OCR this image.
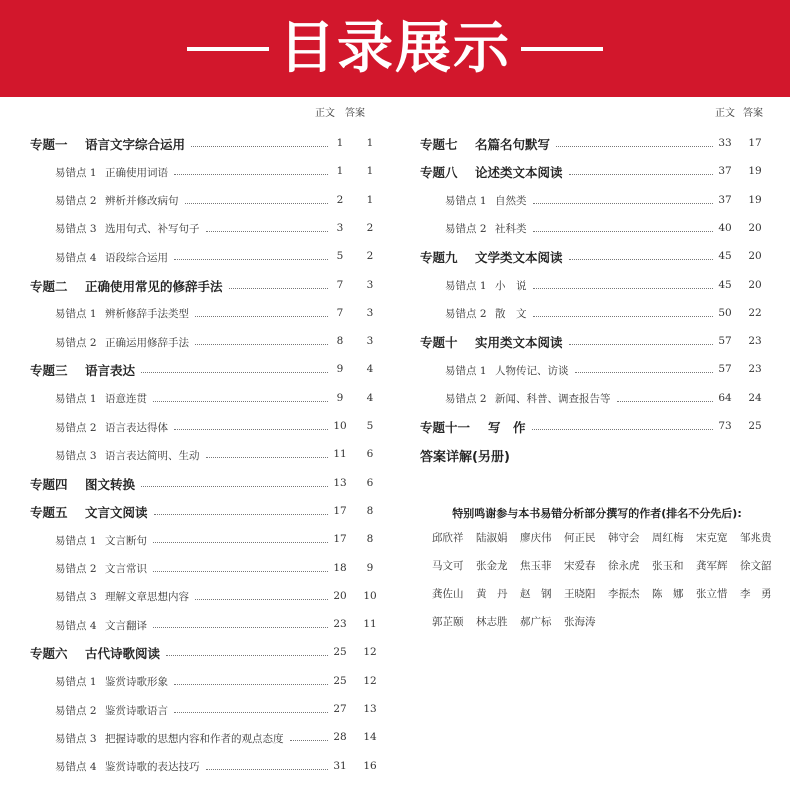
目录展示
正文 答案
专题一	语言文字综合运用	1	1
易错点 1 正确使用词语	1	1
易错点 2 辨析并修改病句	2	1
易错点 3 选用句式、补写句子	3	2
易错点 4 语段综合运用	5	2
专题二	正确使用常见的修辞手法	7	3
易错点 1 辨析修辞手法类型	7	3
易错点 2 正确运用修辞手法	8	3
专题三	语言表达	9	4
易错点 1 语意连贯	9	4
易错点 2 语言表达得体	10	5
易错点 3 语言表达简明、生动	11	6
专题四	图文转换	13	6
专题五	文言文阅读	17	8
易错点 1 文言断句	17	8
易错点 2 文言常识	18	9
易错点 3 理解文章思想内容	20	10
易错点 4 文言翻译	23	11
专题六	古代诗歌阅读	25	12
易错点 1 鉴赏诗歌形象	25	12
易错点 2 鉴赏诗歌语言	27	13
易错点 3 把握诗歌的思想内容和作者的观点态度	28	14
易错点 4 鉴赏诗歌的表达技巧	31	16
正文 答案
专题七	名篇名句默写	33	17
专题八	论述类文本阅读	37	19
易错点 1 自然类	37	19
易错点 2 社科类	40	20
专题九	文学类文本阅读	45	20
易错点 1 小　说	45	20
易错点 2 散　文	50	22
专题十	实用类文本阅读	57	23
易错点 1 人物传记、访谈	57	23
易错点 2 新闻、科普、调查报告等	64	24
专题十一	写　作	73	25
答案详解(另册)
特别鸣谢参与本书易错分析部分撰写的作者(排名不分先后):
邱欣祥 陆淑娟 廖庆伟 何正民 韩守会 周红梅 宋克宽 邹兆贵
马文可 张金龙 焦玉菲 宋爱春 徐永虎 张玉和 龚军辉 徐文韶
龚佐山 黄　丹 赵　钢 王晓阳 李振杰 陈　娜 张立惜 李　勇
郭芷颐 林志胜 郝广标 张海涛
